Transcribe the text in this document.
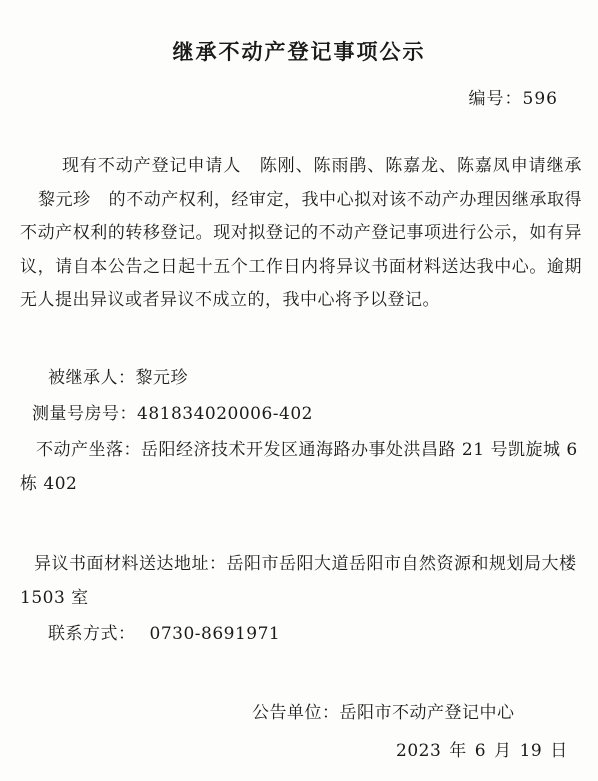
继承不动产登记事项公示
编号：596
现有不动产登记申请人 陈刚、陈雨鹃、陈嘉龙、陈嘉凤申请继承黎元珍 的不动产权利，经审定，我中心拟对该不动产办理因继承取得不动产权利的转移登记。现对拟登记的不动产登记事项进行公示，如有异议，请自本公告之日起十五个工作日内将异议书面材料送达我中心。逾期无人提出异议或者异议不成立的，我中心将予以登记。
被继承人：黎元珍
测量号房号：481834020006-402
不动产坐落：岳阳经济技术开发区通海路办事处洪昌路 21 号凯旋城 6 栋 402
异议书面材料送达地址：岳阳市岳阳大道岳阳市自然资源和规划局大楼 1503 室
联系方式： 0730-8691971
公告单位：岳阳市不动产登记中心
2023 年 6 月 19 日
